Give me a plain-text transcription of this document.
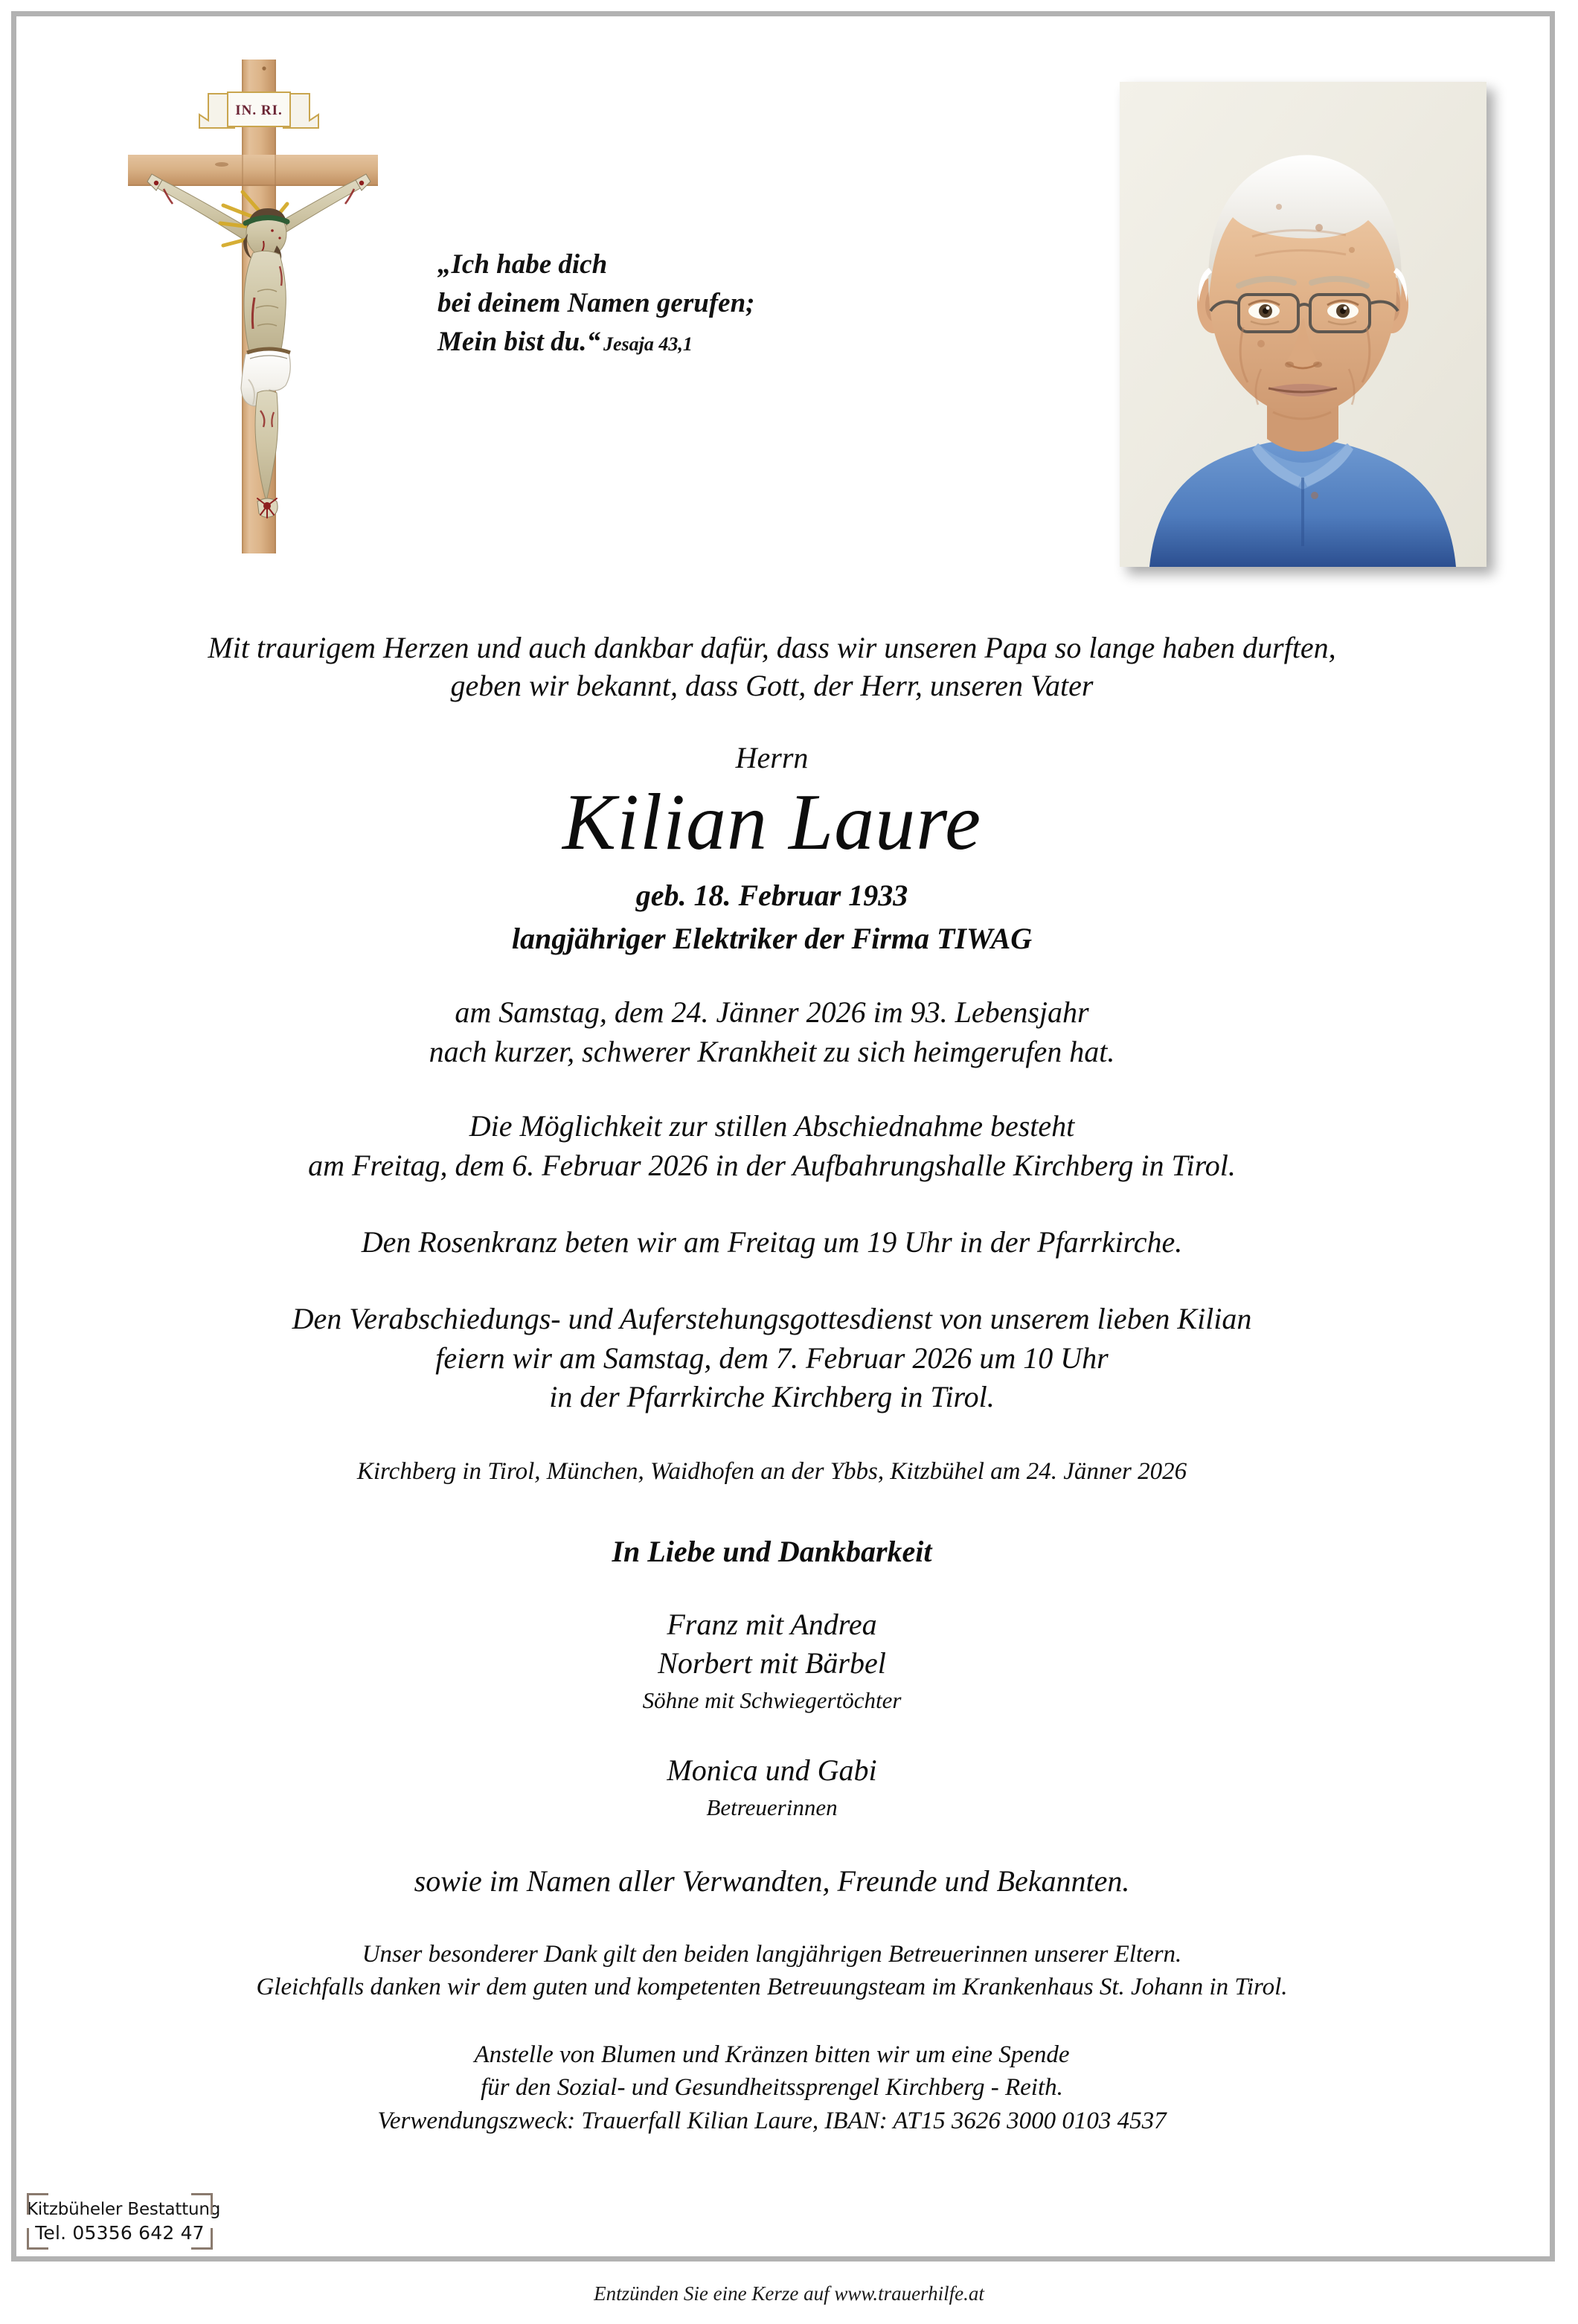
IN. RI.
„Ich habe dich bei deinem Namen gerufen; Mein bist du.“ Jesaja 43,1
Mit traurigem Herzen und auch dankbar dafür, dass wir unseren Papa so lange haben durften,
geben wir bekannt, dass Gott, der Herr, unseren Vater
Herrn
Kilian Laure
geb. 18. Februar 1933
langjähriger Elektriker der Firma TIWAG
am Samstag, dem 24. Jänner 2026 im 93. Lebensjahr
nach kurzer, schwerer Krankheit zu sich heimgerufen hat.
Die Möglichkeit zur stillen Abschiednahme besteht
am Freitag, dem 6. Februar 2026 in der Aufbahrungshalle Kirchberg in Tirol.
Den Rosenkranz beten wir am Freitag um 19 Uhr in der Pfarrkirche.
Den Verabschiedungs- und Auferstehungsgottesdienst von unserem lieben Kilian
feiern wir am Samstag, dem 7. Februar 2026 um 10 Uhr
in der Pfarrkirche Kirchberg in Tirol.
Kirchberg in Tirol, München, Waidhofen an der Ybbs, Kitzbühel am 24. Jänner 2026
In Liebe und Dankbarkeit
Franz mit Andrea
Norbert mit Bärbel
Söhne mit Schwiegertöchter
Monica und Gabi
Betreuerinnen
sowie im Namen aller Verwandten, Freunde und Bekannten.
Unser besonderer Dank gilt den beiden langjährigen Betreuerinnen unserer Eltern.
Gleichfalls danken wir dem guten und kompetenten Betreuungsteam im Krankenhaus St. Johann in Tirol.
Anstelle von Blumen und Kränzen bitten wir um eine Spende
für den Sozial- und Gesundheitssprengel Kirchberg - Reith.
Verwendungszweck: Trauerfall Kilian Laure, IBAN: AT15 3626 3000 0103 4537
Kitzbüheler Bestattung
Tel. 05356 642 47
Entzünden Sie eine Kerze auf www.trauerhilfe.at
